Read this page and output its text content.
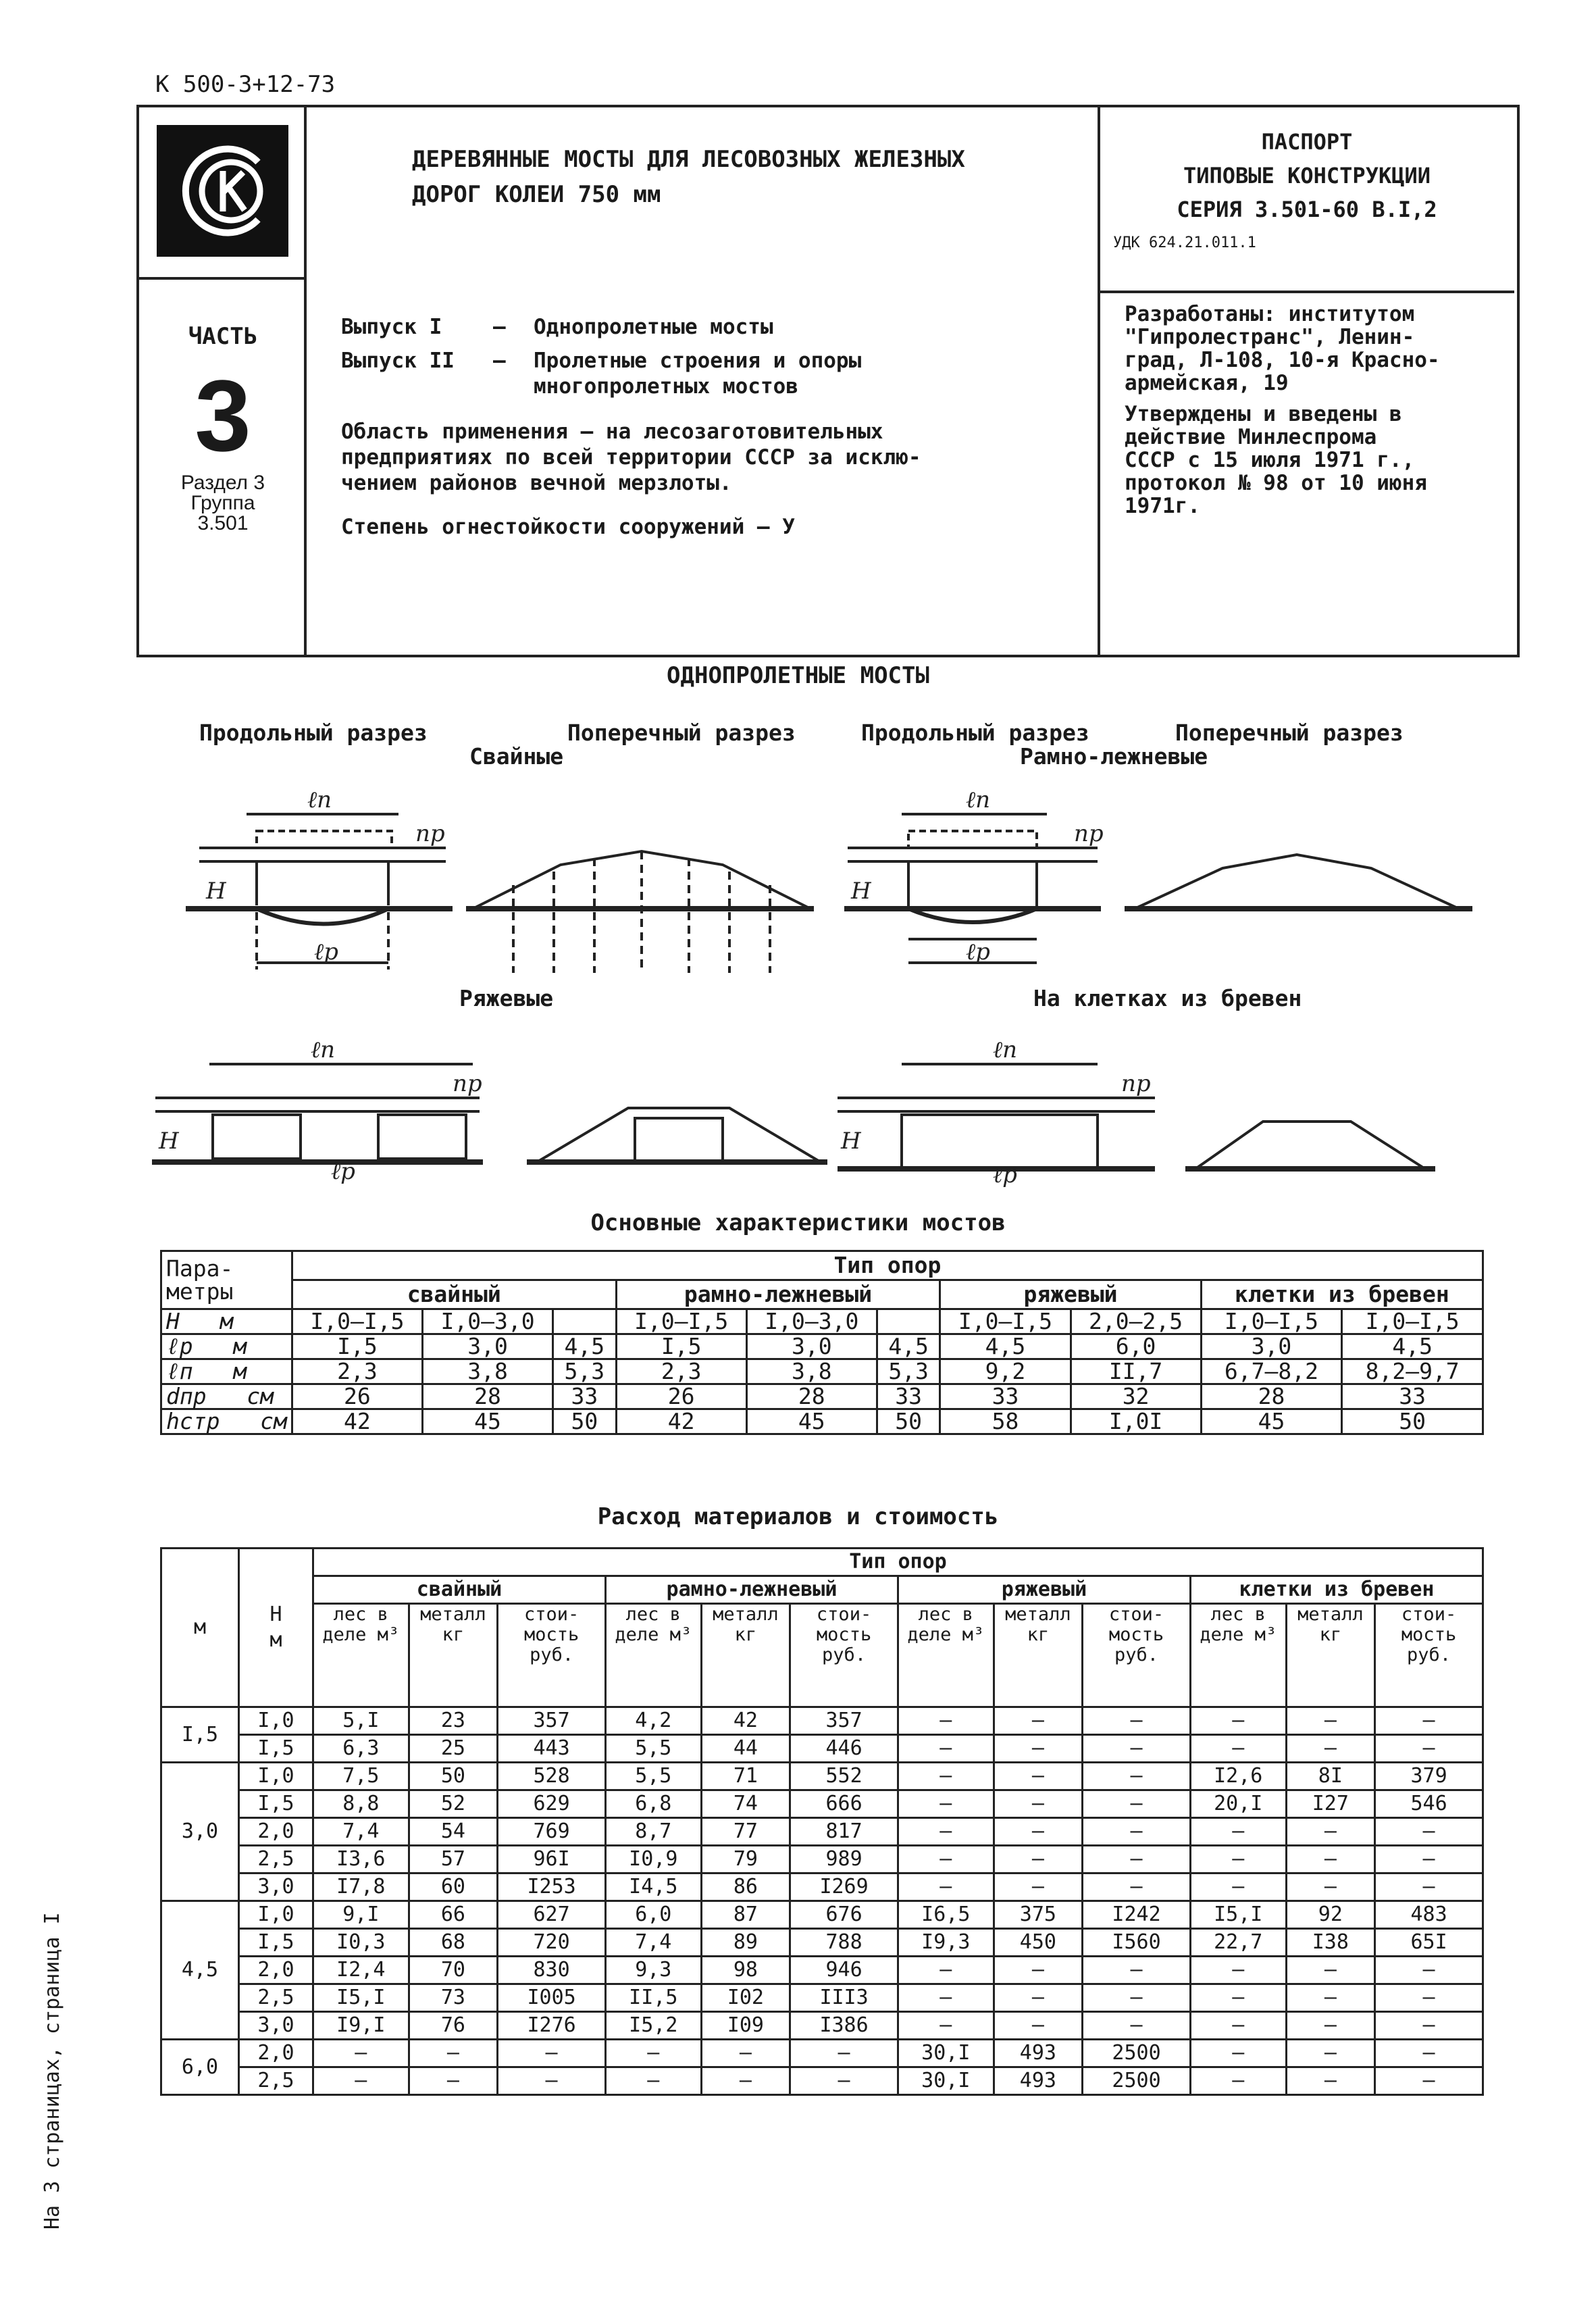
К 500-3+12-73
На 3 страницах, страница I
ЧАСТЬ
3
Раздел 3
Группа
3.501
ДЕРЕВЯННЫЕ МОСТЫ ДЛЯ ЛЕСОВОЗНЫХ ЖЕЛЕЗНЫХ
ДОРОГ КОЛЕИ 750 мм
Выпуск I	–	Однопролетные мосты
Выпуск II	–	Пролетные строения и опоры
многопролетных мостов
Область применения – на лесозаготовительных
предприятиях по всей территории СССР за исклю-
чением районов вечной мерзлоты.
Степень огнестойкости сооружений – У
ПАСПОРТ
ТИПОВЫЕ КОНСТРУКЦИИ
СЕРИЯ 3.501-60 В.I,2
УДК 624.21.011.1
Разработаны: институтом
"Гипролестранс", Ленин-
град, Л-108, 10-я Красно-
армейская, 19
Утверждены и введены в
действие Минлеспрома
СССР с 15 июля 1971 г.,
протокол № 98 от 10 июня
1971г.
ОДНОПРОЛЕТНЫЕ МОСТЫ
Продольный разрез	Поперечный разрез
Свайные
Продольный разрез	Поперечный разрез
Рамно-лежневые
Ряжевые	На клетках из бревен
ℓп
ℓр
Н
пр
ℓп
ℓр
Н
пр
ℓп
ℓр
Н
пр
ℓп
ℓр
Н
пр
Основные характеристики мостов
Пара-
метры	Тип опор									
	свайный			рамно-лежневый			ряжевый		клетки из бревен	
Н м	I,0–I,5	I,0–3,0		I,0–I,5	I,0–3,0		I,0–I,5	2,0–2,5	I,0–I,5	I,0–I,5
ℓр м	I,5	3,0	4,5	I,5	3,0	4,5	4,5	6,0	3,0	4,5
ℓп м	2,3	3,8	5,3	2,3	3,8	5,3	9,2	II,7	6,7–8,2	8,2–9,7
dпр см	26	28	33	26	28	33	33	32	28	33
hстр см	42	45	50	42	45	50	58	I,0I	45	50
Расход материалов и стоимость
м	Н
м	Тип опор											
		свайный			рамно-лежневый			ряжевый			клетки из бревен		
		лес в деле м³	металл кг	стои-мость руб.	лес в деле м³	металл кг	стои-мость руб.	лес в деле м³	металл кг	стои-мость руб.	лес в деле м³	металл кг	стои-мость руб.
I,5	I,0	5,I	23	357	4,2	42	357	–	–	–	–	–	–
	I,5	6,3	25	443	5,5	44	446	–	–	–	–	–	–
3,0	I,0	7,5	50	528	5,5	71	552	–	–	–	I2,6	8I	379
	I,5	8,8	52	629	6,8	74	666	–	–	–	20,I	I27	546
	2,0	7,4	54	769	8,7	77	817	–	–	–	–	–	–
	2,5	I3,6	57	96I	I0,9	79	989	–	–	–	–	–	–
	3,0	I7,8	60	I253	I4,5	86	I269	–	–	–	–	–	–
4,5	I,0	9,I	66	627	6,0	87	676	I6,5	375	I242	I5,I	92	483
	I,5	I0,3	68	720	7,4	89	788	I9,3	450	I560	22,7	I38	65I
	2,0	I2,4	70	830	9,3	98	946	–	–	–	–	–	–
	2,5	I5,I	73	I005	II,5	I02	III3	–	–	–	–	–	–
	3,0	I9,I	76	I276	I5,2	I09	I386	–	–	–	–	–	–
6,0	2,0	–	–	–	–	–	–	30,I	493	2500	–	–	–
	2,5	–	–	–	–	–	–	30,I	493	2500	–	–	–
